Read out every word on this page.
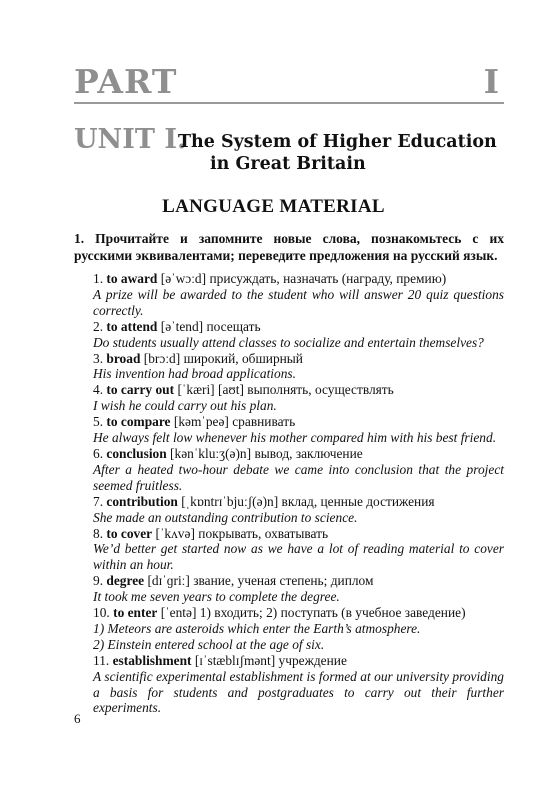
PART	I
UNIT I.
The System of Higher Education
in Great Britain
LANGUAGE MATERIAL
1. Прочитайте и запомните новые слова, познакомьтесь с их русскими эквивалентами; переведите предложения на русский язык.
1. to award [əˈwɔːd] присуждать, назначать (награду, премию)
A prize will be awarded to the student who will answer 20 quiz questions correctly.
2. to attend [əˈtend] посещать
Do students usually attend classes to socialize and entertain themselves?
3. broad [brɔːd] широкий, обширный
His invention had broad applications.
4. to carry out [ˈkæri] [aʊt] выполнять, осуществлять
I wish he could carry out his plan.
5. to compare [kəmˈpeə] сравнивать
He always felt low whenever his mother compared him with his best friend.
6. conclusion [kənˈkluːʒ(ə)n] вывод, заключение
After a heated two-hour debate we came into conclusion that the project seemed fruitless.
7. contribution [ˌkɒntrɪˈbjuːʃ(ə)n] вклад, ценные достижения
She made an outstanding contribution to science.
8. to cover [ˈkʌvə] покрывать, охватывать
We’d better get started now as we have a lot of reading material to cover within an hour.
9. degree [dɪˈɡriː] звание, ученая степень; диплом
It took me seven years to complete the degree.
10. to enter [ˈentə] 1) входить; 2) поступать (в учебное заведение)
1) Meteors are asteroids which enter the Earth’s atmosphere.
2) Einstein entered school at the age of six.
11. establishment [ɪˈstæblɪʃmənt] учреждение
A scientific experimental establishment is formed at our university providing a basis for students and postgraduates to carry out their further experiments.
6
